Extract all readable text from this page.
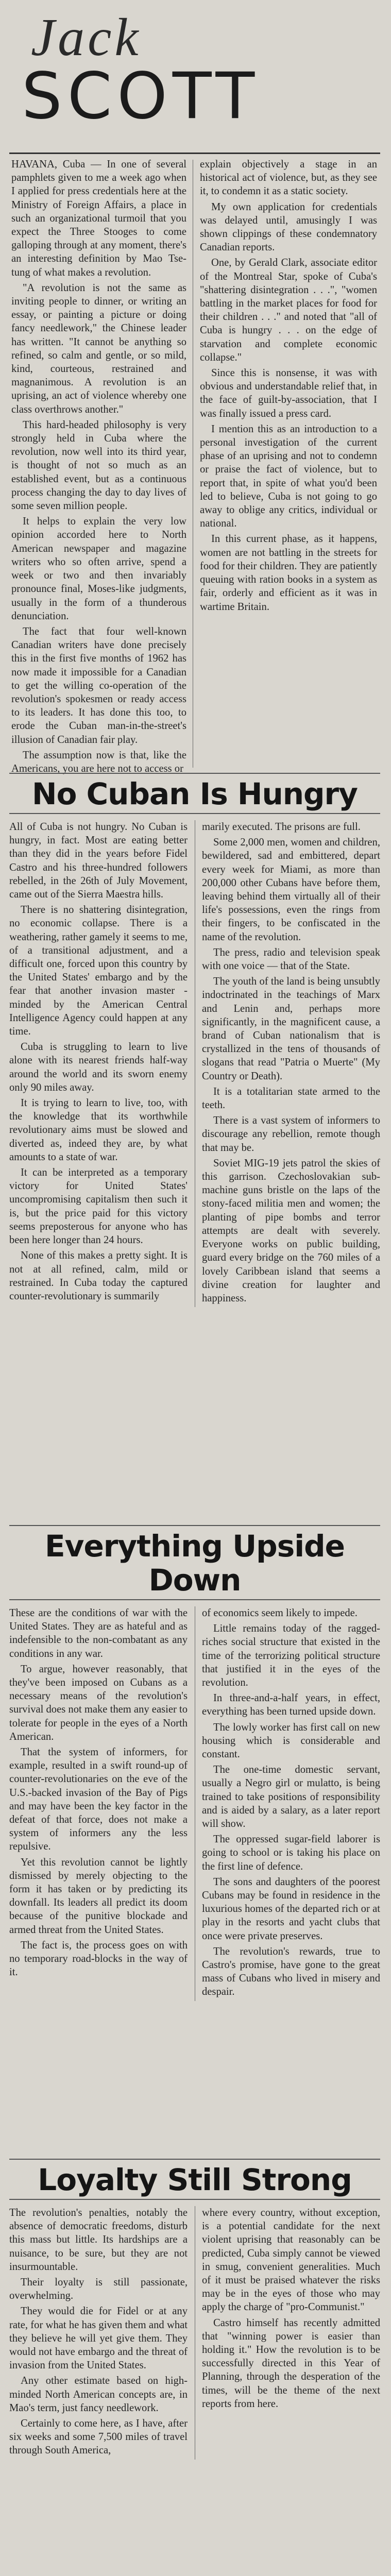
Jack
SCOTT

HAVANA, Cuba — In one of several pamphlets given to me a week ago when I applied for press credentials here at the Ministry of Foreign Affairs, a place in such an organizational turmoil that you expect the Three Stooges to come galloping through at any moment, there's an interesting definition by Mao Tse-tung of what makes a revolution.

"A revolution is not the same as inviting people to dinner, or writing an essay, or painting a picture or doing fancy needlework," the Chinese leader has written. "It cannot be anything so refined, so calm and gentle, or so mild, kind, courteous, restrained and magnanimous. A revolution is an uprising, an act of violence whereby one class overthrows another."

This hard-headed philosophy is very strongly held in Cuba where the revolution, now well into its third year, is thought of not so much as an established event, but as a continuous process changing the day to day lives of some seven million people.

It helps to explain the very low opinion accorded here to North American newspaper and magazine writers who so often arrive, spend a week or two and then invariably pronounce final, Moses-like judgments, usually in the form of a thunderous denunciation.

The fact that four well-known Canadian writers have done precisely this in the first five months of 1962 has now made it impossible for a Canadian to get the willing co-operation of the revolution's spokesmen or ready access to its leaders. It has done this too, to erode the Cuban man-in-the-street's illusion of Canadian fair play.

The assumption now is that, like the Americans, you are here not to access or

explain objectively a stage in an historical act of violence, but, as they see it, to condemn it as a static society.

My own application for credentials was delayed until, amusingly I was shown clippings of these condemnatory Canadian reports.

One, by Gerald Clark, associate editor of the Montreal Star, spoke of Cuba's "shattering disintegration . . .", "women battling in the market places for food for their children . . ." and noted that "all of Cuba is hungry . . . on the edge of starvation and complete economic collapse."

Since this is nonsense, it was with obvious and understandable relief that, in the face of guilt-by-association, that I was finally issued a press card.

I mention this as an introduction to a personal investigation of the current phase of an uprising and not to condemn or praise the fact of violence, but to report that, in spite of what you'd been led to believe, Cuba is not going to go away to oblige any critics, individual or national.

In this current phase, as it happens, women are not battling in the streets for food for their children. They are patiently queuing with ration books in a system as fair, orderly and efficient as it was in wartime Britain.

No Cuban Is Hungry

All of Cuba is not hungry. No Cuban is hungry, in fact. Most are eating better than they did in the years before Fidel Castro and his three-hundred followers rebelled, in the 26th of July Movement, came out of the Sierra Maestra hills.

There is no shattering disintegration, no economic collapse. There is a weathering, rather gamely it seems to me, of a transitional adjustment, and a difficult one, forced upon this country by the United States' embargo and by the fear that another invasion master - minded by the American Central Intelligence Agency could happen at any time.

Cuba is struggling to learn to live alone with its nearest friends half-way around the world and its sworn enemy only 90 miles away.

It is trying to learn to live, too, with the knowledge that its worthwhile revolutionary aims must be slowed and diverted as, indeed they are, by what amounts to a state of war.

It can be interpreted as a temporary victory for United States' uncompromising capitalism then such it is, but the price paid for this victory seems preposterous for anyone who has been here longer than 24 hours.

None of this makes a pretty sight. It is not at all refined, calm, mild or restrained. In Cuba today the captured counter-revolutionary is summarily

marily executed. The prisons are full.

Some 2,000 men, women and children, bewildered, sad and embittered, depart every week for Miami, as more than 200,000 other Cubans have before them, leaving behind them virtually all of their life's possessions, even the rings from their fingers, to be confiscated in the name of the revolution.

The press, radio and television speak with one voice — that of the State.

The youth of the land is being unsubtly indoctrinated in the teachings of Marx and Lenin and, perhaps more significantly, in the magnificent cause, a brand of Cuban nationalism that is crystallized in the tens of thousands of slogans that read "Patria o Muerte" (My Country or Death).

It is a totalitarian state armed to the teeth.

There is a vast system of informers to discourage any rebellion, remote though that may be.

Soviet MIG-19 jets patrol the skies of this garrison. Czechoslovakian sub-machine guns bristle on the laps of the stony-faced militia men and women; the planting of pipe bombs and terror attempts are dealt with severely. Everyone works on public building, guard every bridge on the 760 miles of a lovely Caribbean island that seems a divine creation for laughter and happiness.

Everything Upside Down

These are the conditions of war with the United States. They are as hateful and as indefensible to the non-combatant as any conditions in any war.

To argue, however reasonably, that they've been imposed on Cubans as a necessary means of the revolution's survival does not make them any easier to tolerate for people in the eyes of a North American.

That the system of informers, for example, resulted in a swift round-up of counter-revolutionaries on the eve of the U.S.-backed invasion of the Bay of Pigs and may have been the key factor in the defeat of that force, does not make a system of informers any the less repulsive.

Yet this revolution cannot be lightly dismissed by merely objecting to the form it has taken or by predicting its downfall. Its leaders all predict its doom because of the punitive blockade and armed threat from the United States.

The fact is, the process goes on with no temporary road-blocks in the way of it.

of economics seem likely to impede.

Little remains today of the ragged-riches social structure that existed in the time of the terrorizing political structure that justified it in the eyes of the revolution.

In three-and-a-half years, in effect, everything has been turned upside down.

The lowly worker has first call on new housing which is considerable and constant.

The one-time domestic servant, usually a Negro girl or mulatto, is being trained to take positions of responsibility and is aided by a salary, as a later report will show.

The oppressed sugar-field laborer is going to school or is taking his place on the first line of defence.

The sons and daughters of the poorest Cubans may be found in residence in the luxurious homes of the departed rich or at play in the resorts and yacht clubs that once were private preserves.

The revolution's rewards, true to Castro's promise, have gone to the great mass of Cubans who lived in misery and despair.

Loyalty Still Strong

The revolution's penalties, notably the absence of democratic freedoms, disturb this mass but little. Its hardships are a nuisance, to be sure, but they are not insurmountable.

Their loyalty is still passionate, overwhelming.

They would die for Fidel or at any rate, for what he has given them and what they believe he will yet give them. They would not have embargo and the threat of invasion from the United States.

Any other estimate based on high-minded North American concepts are, in Mao's term, just fancy needlework.

Certainly to come here, as I have, after six weeks and some 7,500 miles of travel through South America,

where every country, without exception, is a potential candidate for the next violent uprising that reasonably can be predicted, Cuba simply cannot be viewed in smug, convenient generalities. Much of it must be praised whatever the risks may be in the eyes of those who may apply the charge of "pro-Communist."

Castro himself has recently admitted that "winning power is easier than holding it." How the revolution is to be successfully directed in this Year of Planning, through the desperation of the times, will be the theme of the next reports from here.
